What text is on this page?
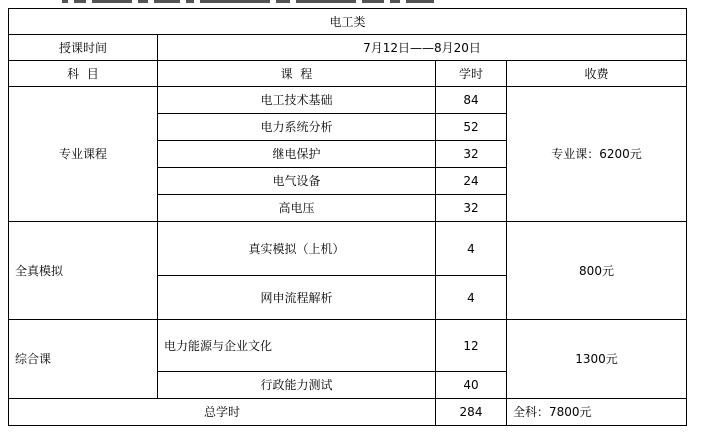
电工类			
授课时间	7月12日——8月20日		
科  目	课  程	学时	收费
专业课程	电工技术基础	84	专业课：6200元
	电力系统分析	52	
	继电保护	32	
	电气设备	24	
	高电压	32	
全真模拟	真实模拟（上机）	4	800元
	网申流程解析	4	
综合课	电力能源与企业文化	12	1300元
	行政能力测试	40	
总学时		284	全科：7800元
